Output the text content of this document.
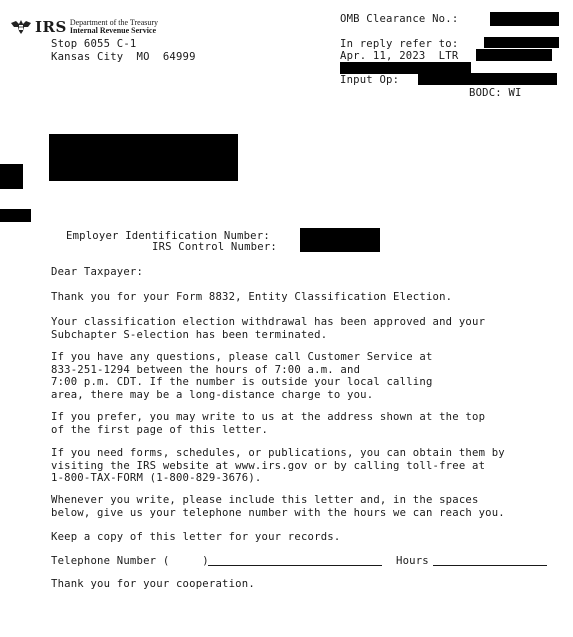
IRS Department of the Treasury
Internal Revenue Service
Stop 6055 C-1
Kansas City  MO  64999
OMB Clearance No.:
In reply refer to:
Apr. 11, 2023  LTR
Input Op:
BODC: WI
Employer Identification Number:
IRS Control Number:
Dear Taxpayer:
Thank you for your Form 8832, Entity Classification Election.
Your classification election withdrawal has been approved and your
Subchapter S-election has been terminated.
If you have any questions, please call Customer Service at
833-251-1294 between the hours of 7:00 a.m. and
7:00 p.m. CDT. If the number is outside your local calling
area, there may be a long-distance charge to you.
If you prefer, you may write to us at the address shown at the top
of the first page of this letter.
If you need forms, schedules, or publications, you can obtain them by
visiting the IRS website at www.irs.gov or by calling toll-free at
1-800-TAX-FORM (1-800-829-3676).
Whenever you write, please include this letter and, in the spaces
below, give us your telephone number with the hours we can reach you.
Keep a copy of this letter for your records.
Telephone Number (     )	Hours
Thank you for your cooperation.
